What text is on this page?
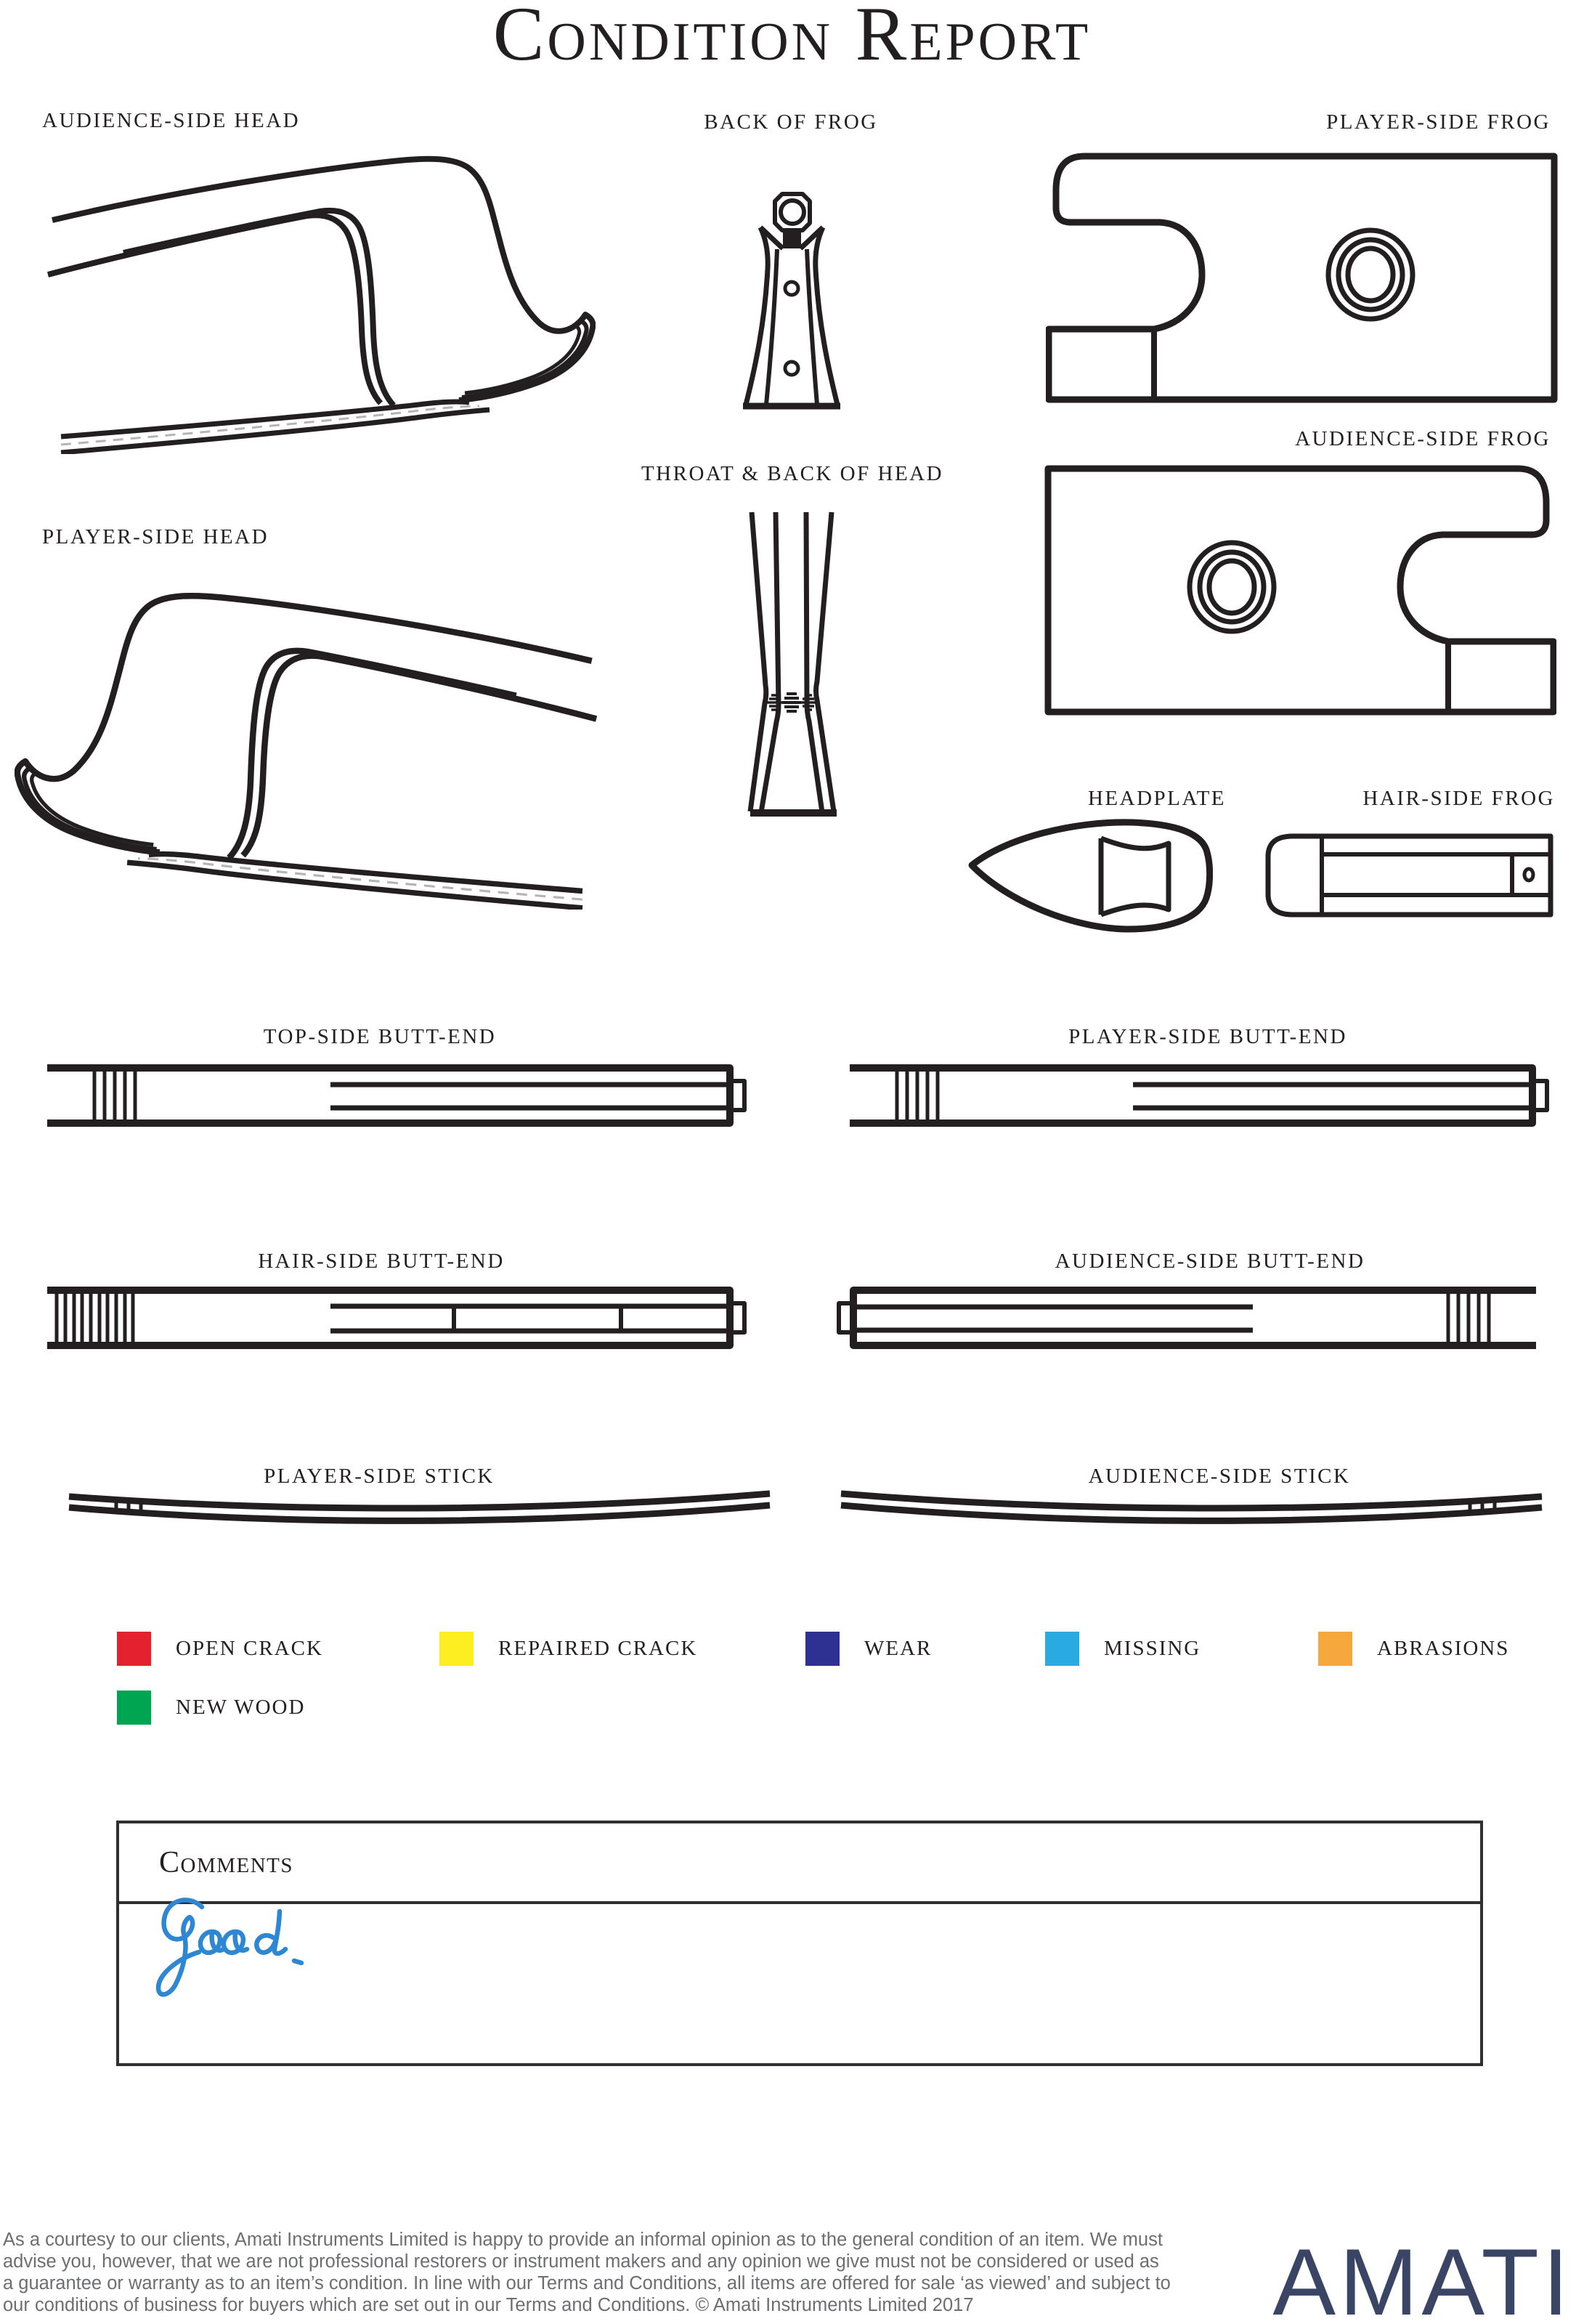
Condition Report
AUDIENCE-SIDE HEAD	BACK OF FROG	PLAYER-SIDE FROG
AUDIENCE-SIDE FROG
PLAYER-SIDE HEAD
THROAT & BACK OF HEAD
HEADPLATE	HAIR-SIDE FROG
TOP-SIDE BUTT-END	PLAYER-SIDE BUTT-END
HAIR-SIDE BUTT-END	AUDIENCE-SIDE BUTT-END
PLAYER-SIDE STICK	AUDIENCE-SIDE STICK
OPEN CRACK	REPAIRED CRACK	WEAR	MISSING	ABRASIONS
NEW WOOD
Comments
As a courtesy to our clients, Amati Instruments Limited is happy to provide an informal opinion as to the general condition of an item. We must
advise you, however, that we are not professional restorers or instrument makers and any opinion we give must not be considered or used as
a guarantee or warranty as to an item’s condition. In line with our Terms and Conditions, all items are offered for sale ‘as viewed’ and subject to
our conditions of business for buyers which are set out in our Terms and Conditions. © Amati Instruments Limited 2017	AMATI
